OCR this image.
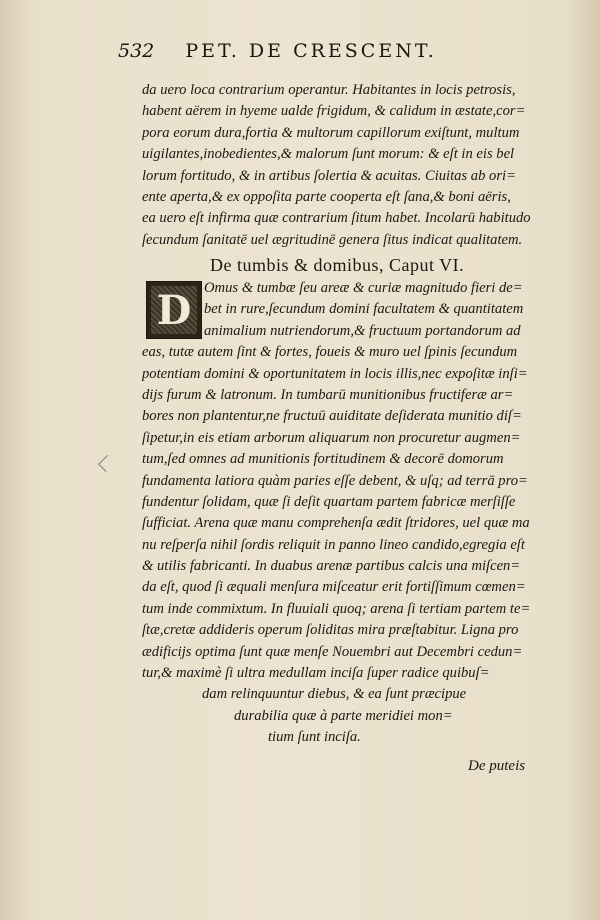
532 PET. DE CRESCENT.
da uero loca contrarium operantur. Habitantes in locis petrosis,
habent aërem in hyeme ualde frigidum, & calidum in æstate,cor=
pora eorum dura,fortia & multorum capillorum exiſtunt, multum
uigilantes,inobedientes,& malorum ſunt morum: & eſt in eis bel
lorum fortitudo, & in artibus ſolertia & acuitas. Ciuitas ab ori=
ente aperta,& ex oppoſita parte cooperta eſt ſana,& boni aëris,
ea uero eſt infirma quæ contrarium ſitum habet. Incolarū habitudo
ſecundum ſanitatē uel ægritudinē genera ſitus indicat qualitatem.
De tumbis & domibus, Caput VI.
D Omus & tumbæ ſeu areæ & curiæ magnitudo fieri de=
bet in rure,ſecundum domini facultatem & quantitatem
animalium nutriendorum,& fructuum portandorum ad
eas, tutæ autem ſint & fortes, foueis & muro uel ſpinis ſecundum
potentiam domini & oportunitatem in locis illis,nec expoſitæ inſi=
dijs furum & latronum. In tumbarū munitionibus fructiferæ ar=
bores non plantentur,ne fructuū auiditate deſiderata munitio diſ=
ſipetur,in eis etiam arborum aliquarum non procuretur augmen=
tum,ſed omnes ad munitionis fortitudinem & decorē domorum
fundamenta latiora quàm paries eſſe debent, & uſq; ad terrā pro=
fundentur ſolidam, quæ ſi deſit quartam partem fabricæ merſiſſe
ſufficiat. Arena quæ manu comprehenſa ædit ſtridores, uel quæ ma
nu reſperſa nihil ſordis reliquit in panno lineo candido,egregia eſt
& utilis fabricanti. In duabus arenæ partibus calcis una miſcen=
da eſt, quod ſi æquali menſura miſceatur erit fortiſſimum cœmen=
tum inde commixtum. In fluuiali quoq; arena ſi tertiam partem te=
ſtæ,cretæ addideris operum ſoliditas mira præſtabitur. Ligna pro
ædificijs optima ſunt quæ menſe Nouembri aut Decembri cedun=
tur,& maximè ſi ultra medullam inciſa ſuper radice quibuſ=
dam relinquuntur diebus, & ea ſunt præcipue
durabilia quæ à parte meridiei mon=
tium ſunt inciſa.
De puteis
